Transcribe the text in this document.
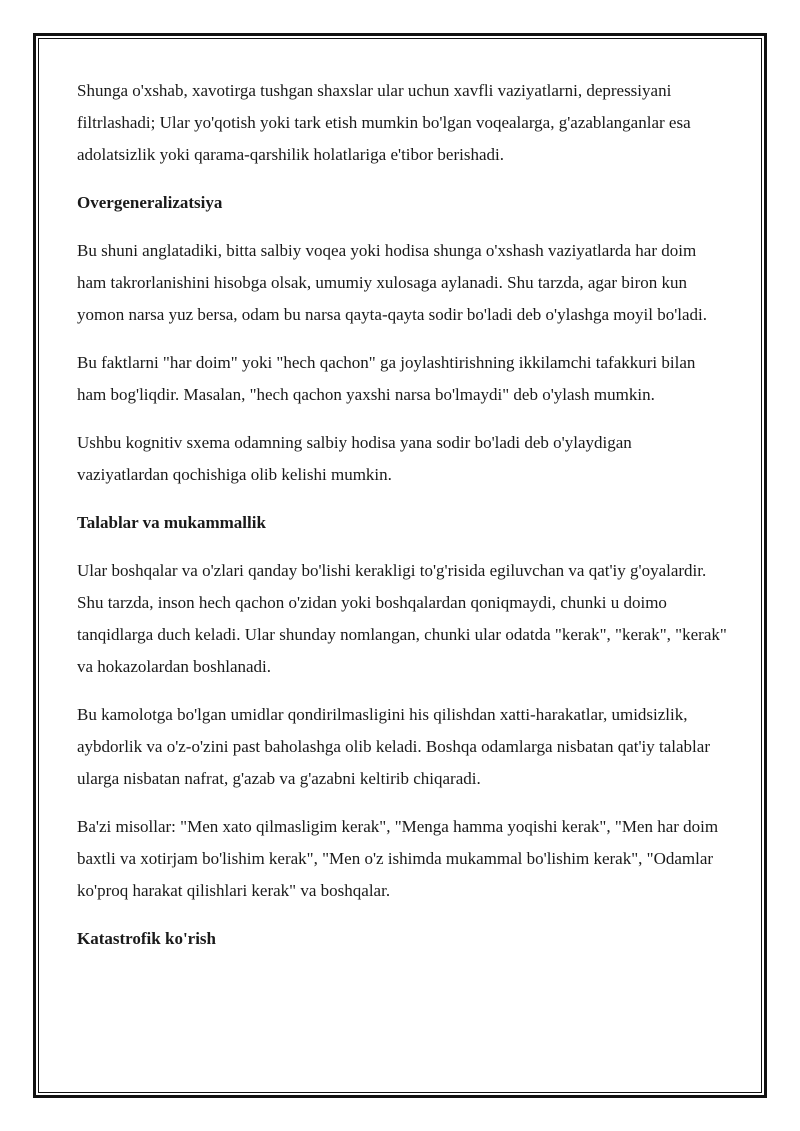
Shunga o'xshab, xavotirga tushgan shaxslar ular uchun xavfli vaziyatlarni, depressiyani filtrlashadi; Ular yo'qotish yoki tark etish mumkin bo'lgan voqealarga, g'azablanganlar esa adolatsizlik yoki qarama-qarshilik holatlariga e'tibor berishadi.

Overgeneralizatsiya

Bu shuni anglatadiki, bitta salbiy voqea yoki hodisa shunga o'xshash vaziyatlarda har doim ham takrorlanishini hisobga olsak, umumiy xulosaga aylanadi. Shu tarzda, agar biron kun yomon narsa yuz bersa, odam bu narsa qayta-qayta sodir bo'ladi deb o'ylashga moyil bo'ladi.

Bu faktlarni "har doim" yoki "hech qachon" ga joylashtirishning ikkilamchi tafakkuri bilan ham bog'liqdir. Masalan, "hech qachon yaxshi narsa bo'lmaydi" deb o'ylash mumkin.

Ushbu kognitiv sxema odamning salbiy hodisa yana sodir bo'ladi deb o'ylaydigan vaziyatlardan qochishiga olib kelishi mumkin.

Talablar va mukammallik

Ular boshqalar va o'zlari qanday bo'lishi kerakligi to'g'risida egiluvchan va qat'iy g'oyalardir. Shu tarzda, inson hech qachon o'zidan yoki boshqalardan qoniqmaydi, chunki u doimo tanqidlarga duch keladi. Ular shunday nomlangan, chunki ular odatda "kerak", "kerak", "kerak" va hokazolardan boshlanadi.

Bu kamolotga bo'lgan umidlar qondirilmasligini his qilishdan xatti-harakatlar, umidsizlik, aybdorlik va o'z-o'zini past baholashga olib keladi. Boshqa odamlarga nisbatan qat'iy talablar ularga nisbatan nafrat, g'azab va g'azabni keltirib chiqaradi.

Ba'zi misollar: "Men xato qilmasligim kerak", "Menga hamma yoqishi kerak", "Men har doim baxtli va xotirjam bo'lishim kerak", "Men o'z ishimda mukammal bo'lishim kerak", "Odamlar ko'proq harakat qilishlari kerak" va boshqalar.

Katastrofik ko'rish
